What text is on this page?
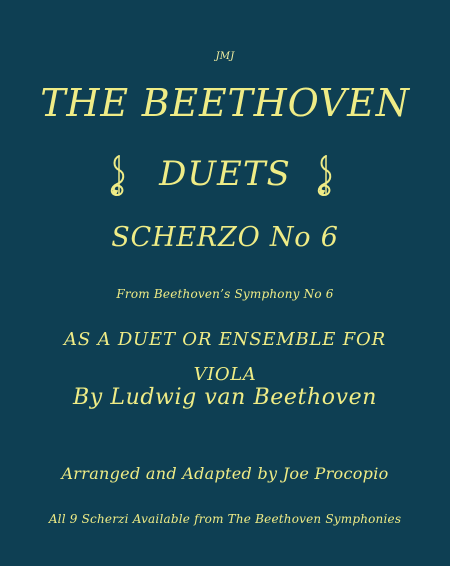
JMJ
THE BEETHOVEN
DUETS
SCHERZO No 6
From Beethoven’s Symphony No 6
AS A DUET OR ENSEMBLE FOR
VIOLA
By Ludwig van Beethoven
Arranged and Adapted by Joe Procopio
All 9 Scherzi Available from The Beethoven Symphonies
